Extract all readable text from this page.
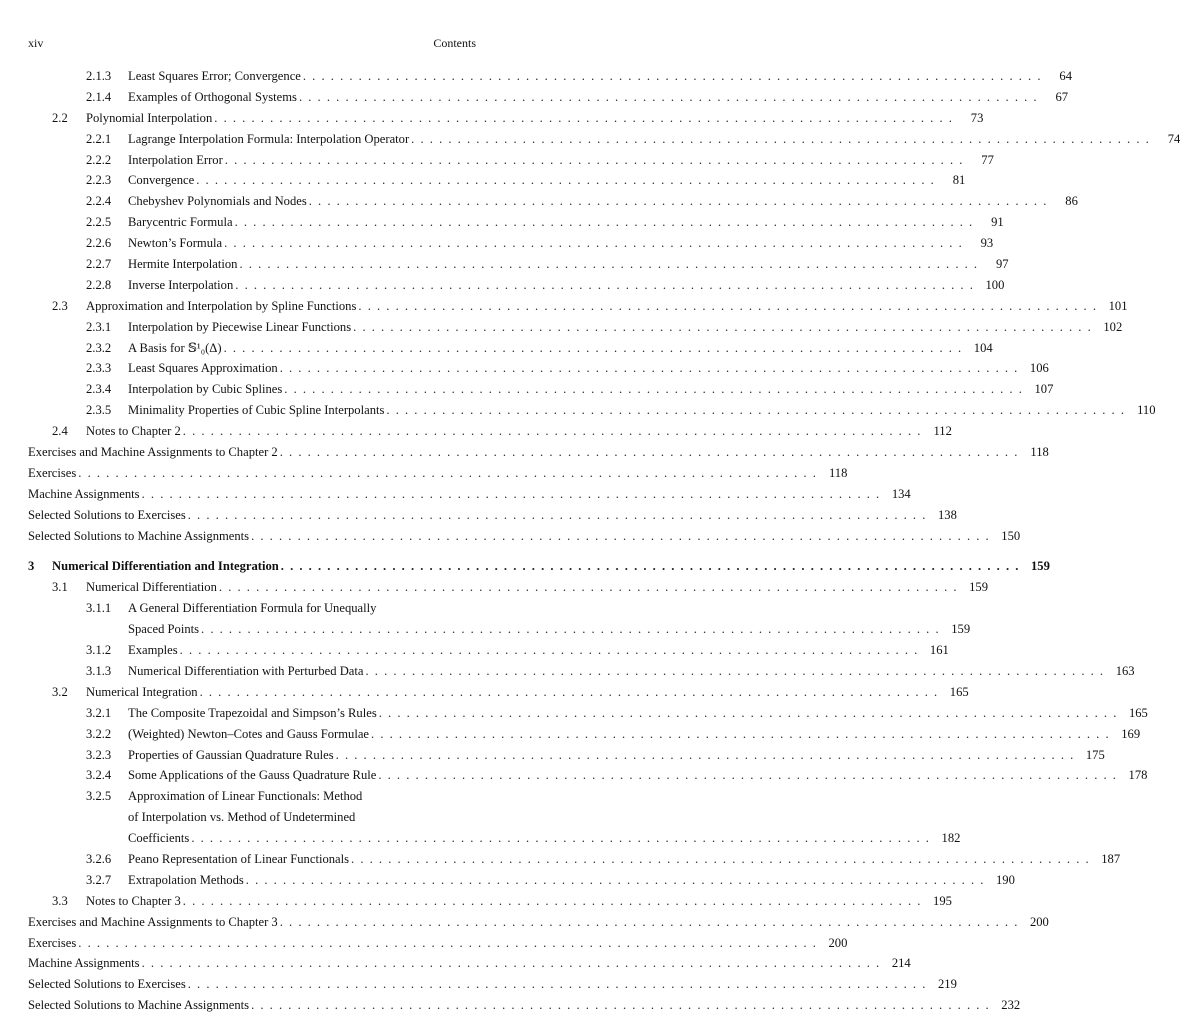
xiv	Contents
2.1.3 Least Squares Error; Convergence . . . . . . . . . . . . . . . . . . . . . . . . . . . . . . . . . . . . . . . . . . . . . . . . . . . . . . . . . . . . . . . . . . . . . . . . . . . . . . . .	64
2.1.4 Examples of Orthogonal Systems . . . . . . . . . . . . . . . . . . . . . . . . . . . . . . . . . . . . . . . . . . . . . . . . . . . . . . . . . . . . . . . . . . . . . . . . . . . . . . . .	67
2.2 Polynomial Interpolation . . . . . . . . . . . . . . . . . . . . . . . . . . . . . . . . . . . . . . . . . . . . . . . . . . . . . . . . . . . . . . . . . . . . . . . . . . . . . . . .	73
2.2.1 Lagrange Interpolation Formula: Interpolation Operator . . . . . . . . . . . . . . . . . . . . . . . . . . . . . . . . . . . . . . . . . . . . . . . . . . . . . . . . . . . . . . . . . . . . . . . . . . . . . . . .	74
2.2.2 Interpolation Error . . . . . . . . . . . . . . . . . . . . . . . . . . . . . . . . . . . . . . . . . . . . . . . . . . . . . . . . . . . . . . . . . . . . . . . . . . . . . . . .	77
2.2.3 Convergence . . . . . . . . . . . . . . . . . . . . . . . . . . . . . . . . . . . . . . . . . . . . . . . . . . . . . . . . . . . . . . . . . . . . . . . . . . . . . . . .	81
2.2.4 Chebyshev Polynomials and Nodes . . . . . . . . . . . . . . . . . . . . . . . . . . . . . . . . . . . . . . . . . . . . . . . . . . . . . . . . . . . . . . . . . . . . . . . . . . . . . . . .	86
2.2.5 Barycentric Formula . . . . . . . . . . . . . . . . . . . . . . . . . . . . . . . . . . . . . . . . . . . . . . . . . . . . . . . . . . . . . . . . . . . . . . . . . . . . . . . .	91
2.2.6 Newton’s Formula . . . . . . . . . . . . . . . . . . . . . . . . . . . . . . . . . . . . . . . . . . . . . . . . . . . . . . . . . . . . . . . . . . . . . . . . . . . . . . . .	93
2.2.7 Hermite Interpolation . . . . . . . . . . . . . . . . . . . . . . . . . . . . . . . . . . . . . . . . . . . . . . . . . . . . . . . . . . . . . . . . . . . . . . . . . . . . . . . .	97
2.2.8 Inverse Interpolation . . . . . . . . . . . . . . . . . . . . . . . . . . . . . . . . . . . . . . . . . . . . . . . . . . . . . . . . . . . . . . . . . . . . . . . . . . . . . . . . 100
2.3 Approximation and Interpolation by Spline Functions . . . . . . . . . . . . . . . . . . . . . . . . . . . . . . . . . . . . . . . . . . . . . . . . . . . . . . . . . . . . . . . . . . . . . . . . . . . . . . . . 101
2.3.1 Interpolation by Piecewise Linear Functions . . . . . . . . . . . . . . . . . . . . . . . . . . . . . . . . . . . . . . . . . . . . . . . . . . . . . . . . . . . . . . . . . . . . . . . . . . . . . . . . 102
2.3.2 A Basis for 𝕊¹₀(Δ) . . . . . . . . . . . . . . . . . . . . . . . . . . . . . . . . . . . . . . . . . . . . . . . . . . . . . . . . . . . . . . . . . . . . . . . . . . . . . . . . 104
2.3.3 Least Squares Approximation . . . . . . . . . . . . . . . . . . . . . . . . . . . . . . . . . . . . . . . . . . . . . . . . . . . . . . . . . . . . . . . . . . . . . . . . . . . . . . . . 106
2.3.4 Interpolation by Cubic Splines . . . . . . . . . . . . . . . . . . . . . . . . . . . . . . . . . . . . . . . . . . . . . . . . . . . . . . . . . . . . . . . . . . . . . . . . . . . . . . . . 107
2.3.5 Minimality Properties of Cubic Spline Interpolants . . . . . . . . . . . . . . . . . . . . . . . . . . . . . . . . . . . . . . . . . . . . . . . . . . . . . . . . . . . . . . . . . . . . . . . . . . . . . . . . 110
2.4 Notes to Chapter 2 . . . . . . . . . . . . . . . . . . . . . . . . . . . . . . . . . . . . . . . . . . . . . . . . . . . . . . . . . . . . . . . . . . . . . . . . . . . . . . . . 112
Exercises and Machine Assignments to Chapter 2 . . . . . . . . . . . . . . . . . . . . . . . . . . . . . . . . . . . . . . . . . . . . . . . . . . . . . . . . . . . . . . . . . . . . . . . . . . . . . . . . 118
Exercises . . . . . . . . . . . . . . . . . . . . . . . . . . . . . . . . . . . . . . . . . . . . . . . . . . . . . . . . . . . . . . . . . . . . . . . . . . . . . . . . 118
Machine Assignments . . . . . . . . . . . . . . . . . . . . . . . . . . . . . . . . . . . . . . . . . . . . . . . . . . . . . . . . . . . . . . . . . . . . . . . . . . . . . . . . 134
Selected Solutions to Exercises . . . . . . . . . . . . . . . . . . . . . . . . . . . . . . . . . . . . . . . . . . . . . . . . . . . . . . . . . . . . . . . . . . . . . . . . . . . . . . . . 138
Selected Solutions to Machine Assignments . . . . . . . . . . . . . . . . . . . . . . . . . . . . . . . . . . . . . . . . . . . . . . . . . . . . . . . . . . . . . . . . . . . . . . . . . . . . . . . . 150
3 Numerical Differentiation and Integration . . . . . . . . . . . . . . . . . . . . . . . . . . . . . . . . . . . . . . . . . . . . . . . . . . . . . . . . . . . . . . . . . . . . . . . . . . . . . . . . 159
3.1 Numerical Differentiation . . . . . . . . . . . . . . . . . . . . . . . . . . . . . . . . . . . . . . . . . . . . . . . . . . . . . . . . . . . . . . . . . . . . . . . . . . . . . . . . 159
3.1.1 A General Differentiation Formula for Unequally
Spaced Points . . . . . . . . . . . . . . . . . . . . . . . . . . . . . . . . . . . . . . . . . . . . . . . . . . . . . . . . . . . . . . . . . . . . . . . . . . . . . . . . 159
3.1.2 Examples . . . . . . . . . . . . . . . . . . . . . . . . . . . . . . . . . . . . . . . . . . . . . . . . . . . . . . . . . . . . . . . . . . . . . . . . . . . . . . . . 161
3.1.3 Numerical Differentiation with Perturbed Data . . . . . . . . . . . . . . . . . . . . . . . . . . . . . . . . . . . . . . . . . . . . . . . . . . . . . . . . . . . . . . . . . . . . . . . . . . . . . . . . 163
3.2 Numerical Integration . . . . . . . . . . . . . . . . . . . . . . . . . . . . . . . . . . . . . . . . . . . . . . . . . . . . . . . . . . . . . . . . . . . . . . . . . . . . . . . . 165
3.2.1 The Composite Trapezoidal and Simpson’s Rules . . . . . . . . . . . . . . . . . . . . . . . . . . . . . . . . . . . . . . . . . . . . . . . . . . . . . . . . . . . . . . . . . . . . . . . . . . . . . . . . 165
3.2.2 (Weighted) Newton–Cotes and Gauss Formulae . . . . . . . . . . . . . . . . . . . . . . . . . . . . . . . . . . . . . . . . . . . . . . . . . . . . . . . . . . . . . . . . . . . . . . . . . . . . . . . . 169
3.2.3 Properties of Gaussian Quadrature Rules . . . . . . . . . . . . . . . . . . . . . . . . . . . . . . . . . . . . . . . . . . . . . . . . . . . . . . . . . . . . . . . . . . . . . . . . . . . . . . . . 175
3.2.4 Some Applications of the Gauss Quadrature Rule . . . . . . . . . . . . . . . . . . . . . . . . . . . . . . . . . . . . . . . . . . . . . . . . . . . . . . . . . . . . . . . . . . . . . . . . . . . . . . . . 178
3.2.5 Approximation of Linear Functionals: Method
of Interpolation vs. Method of Undetermined
Coefficients . . . . . . . . . . . . . . . . . . . . . . . . . . . . . . . . . . . . . . . . . . . . . . . . . . . . . . . . . . . . . . . . . . . . . . . . . . . . . . . . 182
3.2.6 Peano Representation of Linear Functionals . . . . . . . . . . . . . . . . . . . . . . . . . . . . . . . . . . . . . . . . . . . . . . . . . . . . . . . . . . . . . . . . . . . . . . . . . . . . . . . . 187
3.2.7 Extrapolation Methods . . . . . . . . . . . . . . . . . . . . . . . . . . . . . . . . . . . . . . . . . . . . . . . . . . . . . . . . . . . . . . . . . . . . . . . . . . . . . . . . 190
3.3 Notes to Chapter 3 . . . . . . . . . . . . . . . . . . . . . . . . . . . . . . . . . . . . . . . . . . . . . . . . . . . . . . . . . . . . . . . . . . . . . . . . . . . . . . . . 195
Exercises and Machine Assignments to Chapter 3 . . . . . . . . . . . . . . . . . . . . . . . . . . . . . . . . . . . . . . . . . . . . . . . . . . . . . . . . . . . . . . . . . . . . . . . . . . . . . . . . 200
Exercises . . . . . . . . . . . . . . . . . . . . . . . . . . . . . . . . . . . . . . . . . . . . . . . . . . . . . . . . . . . . . . . . . . . . . . . . . . . . . . . . 200
Machine Assignments . . . . . . . . . . . . . . . . . . . . . . . . . . . . . . . . . . . . . . . . . . . . . . . . . . . . . . . . . . . . . . . . . . . . . . . . . . . . . . . . 214
Selected Solutions to Exercises . . . . . . . . . . . . . . . . . . . . . . . . . . . . . . . . . . . . . . . . . . . . . . . . . . . . . . . . . . . . . . . . . . . . . . . . . . . . . . . . 219
Selected Solutions to Machine Assignments . . . . . . . . . . . . . . . . . . . . . . . . . . . . . . . . . . . . . . . . . . . . . . . . . . . . . . . . . . . . . . . . . . . . . . . . . . . . . . . . 232
